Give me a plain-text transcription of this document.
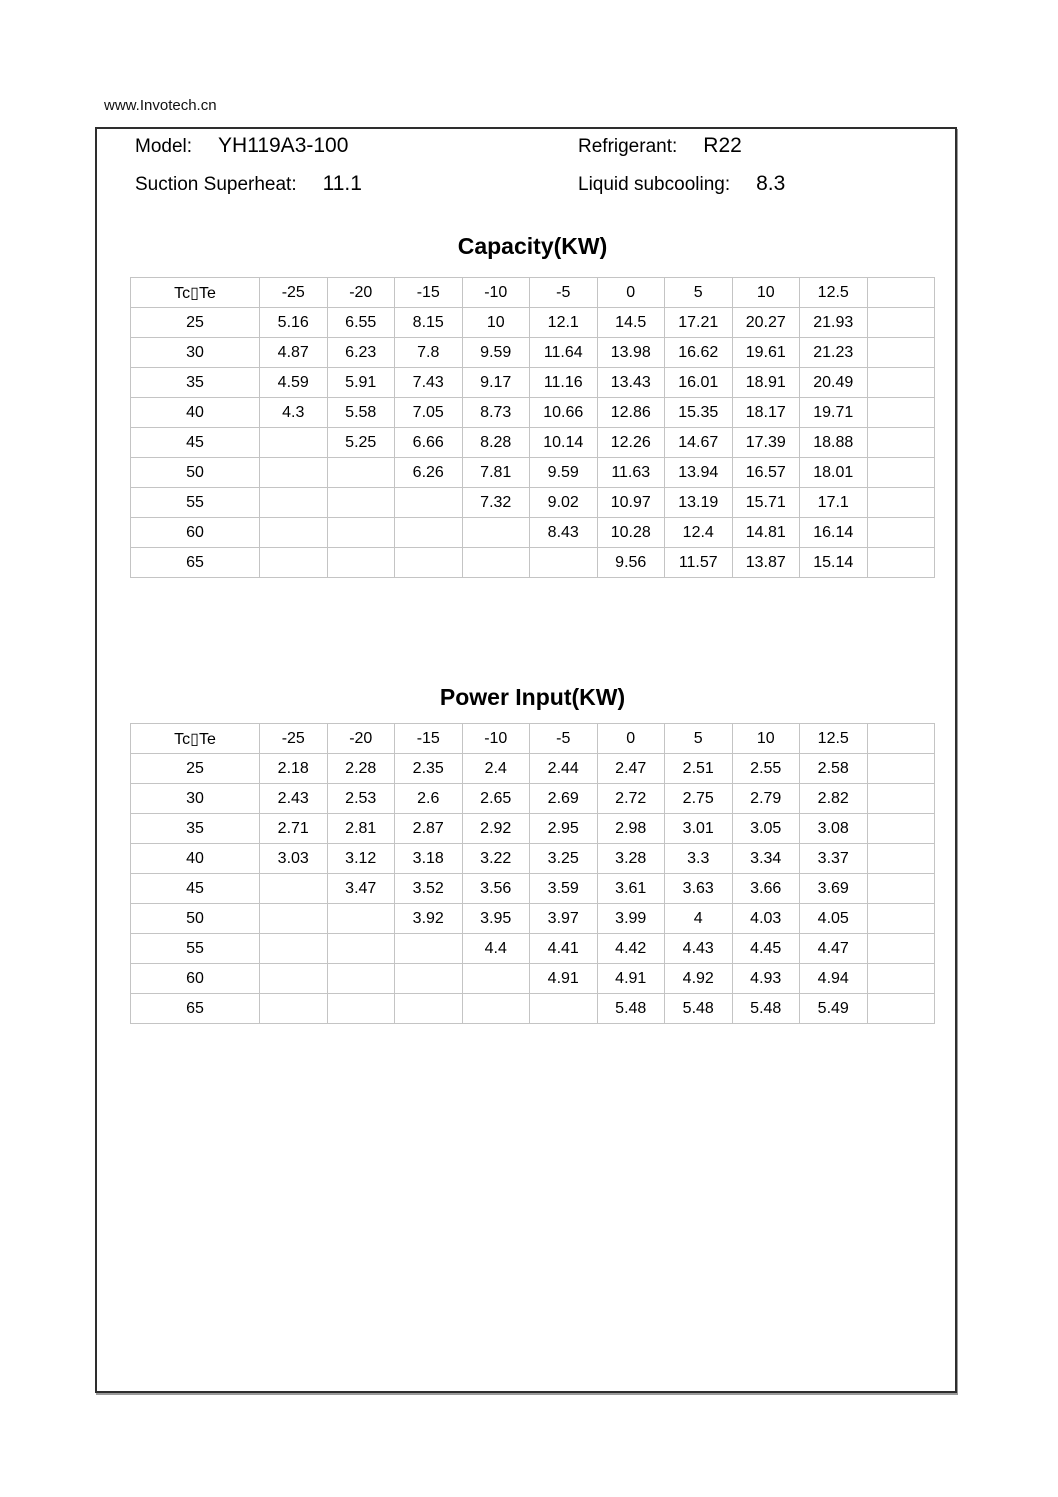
www.Invotech.cn
Model: YH119A3-100	Refrigerant: R22
Suction Superheat: 11.1	Liquid subcooling: 8.3
Capacity(KW)
Tc▯Te	-25	-20	-15	-10	-5	0	5	10	12.5	
25	5.16	6.55	8.15	10	12.1	14.5	17.21	20.27	21.93	
30	4.87	6.23	7.8	9.59	11.64	13.98	16.62	19.61	21.23	
35	4.59	5.91	7.43	9.17	11.16	13.43	16.01	18.91	20.49	
40	4.3	5.58	7.05	8.73	10.66	12.86	15.35	18.17	19.71	
45		5.25	6.66	8.28	10.14	12.26	14.67	17.39	18.88	
50			6.26	7.81	9.59	11.63	13.94	16.57	18.01	
55				7.32	9.02	10.97	13.19	15.71	17.1	
60					8.43	10.28	12.4	14.81	16.14	
65						9.56	11.57	13.87	15.14	
Power Input(KW)
Tc▯Te	-25	-20	-15	-10	-5	0	5	10	12.5	
25	2.18	2.28	2.35	2.4	2.44	2.47	2.51	2.55	2.58	
30	2.43	2.53	2.6	2.65	2.69	2.72	2.75	2.79	2.82	
35	2.71	2.81	2.87	2.92	2.95	2.98	3.01	3.05	3.08	
40	3.03	3.12	3.18	3.22	3.25	3.28	3.3	3.34	3.37	
45		3.47	3.52	3.56	3.59	3.61	3.63	3.66	3.69	
50			3.92	3.95	3.97	3.99	4	4.03	4.05	
55				4.4	4.41	4.42	4.43	4.45	4.47	
60					4.91	4.91	4.92	4.93	4.94	
65						5.48	5.48	5.48	5.49	
